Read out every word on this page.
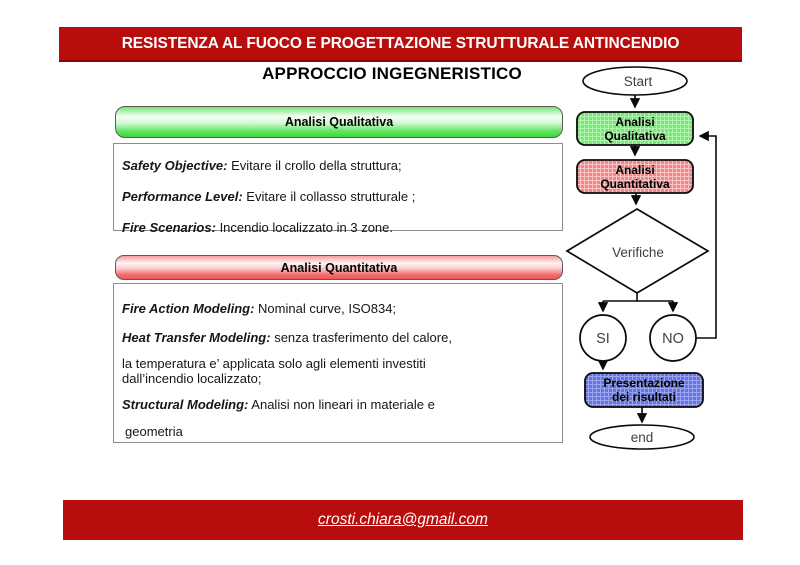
RESISTENZA AL FUOCO E PROGETTAZIONE STRUTTURALE ANTINCENDIO
APPROCCIO INGEGNERISTICO
Analisi Qualitativa
Safety Objective: Evitare il crollo della struttura;
Performance Level: Evitare il collasso strutturale ;
Fire Scenarios: Incendio localizzato in 3 zone.
Analisi Quantitativa

Fire Action Modeling: Nominal curve, ISO834;

Heat Transfer Modeling: senza trasferimento del calore,

la temperatura e’ applicata solo agli elementi investiti
dall’incendio localizzato;

Structural Modeling: Analisi non lineari in materiale e

geometria

Start
Analisi
Qualitativa
Analisi
Quantitativa
Verifiche
SI	NO
Presentazione
dei risultati
end
crosti.chiara@gmail.com
